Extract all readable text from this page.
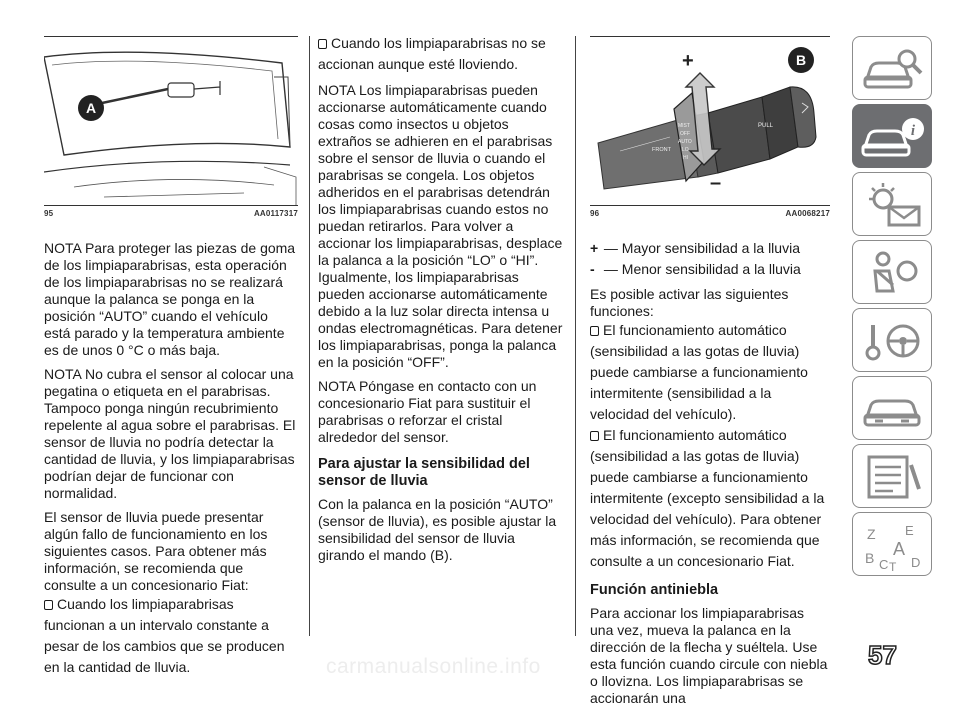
A
95	AA0117317
+
–
FRONT
MIST
OFF
AUTO
LO
HI
PULL
B
96	AA0068217

NOTA Para proteger las piezas de goma de los limpiaparabrisas, esta operación de los limpiaparabrisas no se realizará aunque la palanca se ponga en la posición “AUTO” cuando el vehículo está parado y la temperatura ambiente es de unos 0 °C o más baja.

NOTA No cubra el sensor al colocar una pegatina o etiqueta en el parabrisas. Tampoco ponga ningún recubrimiento repelente al agua sobre el parabrisas. El sensor de lluvia no podría detectar la cantidad de lluvia, y los limpiaparabrisas podrían dejar de funcionar con normalidad.

El sensor de lluvia puede presentar algún fallo de funcionamiento en los siguientes casos. Para obtener más información, se recomienda que consulte a un concesionario Fiat:

Cuando los limpiaparabrisas funcionan a un intervalo constante a pesar de los cambios que se producen en la cantidad de lluvia.

Cuando los limpiaparabrisas no se accionan aunque esté lloviendo.

NOTA Los limpiaparabrisas pueden accionarse automáticamente cuando cosas como insectos u objetos extraños se adhieren en el parabrisas sobre el sensor de lluvia o cuando el parabrisas se congela. Los objetos adheridos en el parabrisas detendrán los limpiaparabrisas cuando estos no puedan retirarlos. Para volver a accionar los limpiaparabrisas, desplace la palanca a la posición “LO” o “HI”. Igualmente, los limpiaparabrisas pueden accionarse automáticamente debido a la luz solar directa intensa u ondas electromagnéticas. Para detener los limpiaparabrisas, ponga la palanca en la posición “OFF”.

NOTA Póngase en contacto con un concesionario Fiat para sustituir el parabrisas o reforzar el cristal alrededor del sensor.

Para ajustar la sensibilidad del sensor de lluvia

Con la palanca en la posición “AUTO” (sensor de lluvia), es posible ajustar la sensibilidad del sensor de lluvia girando el mando (B).

+ — Mayor sensibilidad a la lluvia

- — Menor sensibilidad a la lluvia

Es posible activar las siguientes funciones:

El funcionamiento automático (sensibilidad a las gotas de lluvia) puede cambiarse a funcionamiento intermitente (sensibilidad a la velocidad del vehículo).

El funcionamiento automático (sensibilidad a las gotas de lluvia) puede cambiarse a funcionamiento intermitente (excepto sensibilidad a la velocidad del vehículo). Para obtener más información, se recomienda que consulte a un concesionario Fiat.

Función antiniebla

Para accionar los limpiaparabrisas una vez, mueva la palanca en la dirección de la flecha y suéltela. Use esta función cuando circule con niebla o llovizna. Los limpiaparabrisas se accionarán una

i
Z E
B A
C T D
57
carmanualsonline.info
